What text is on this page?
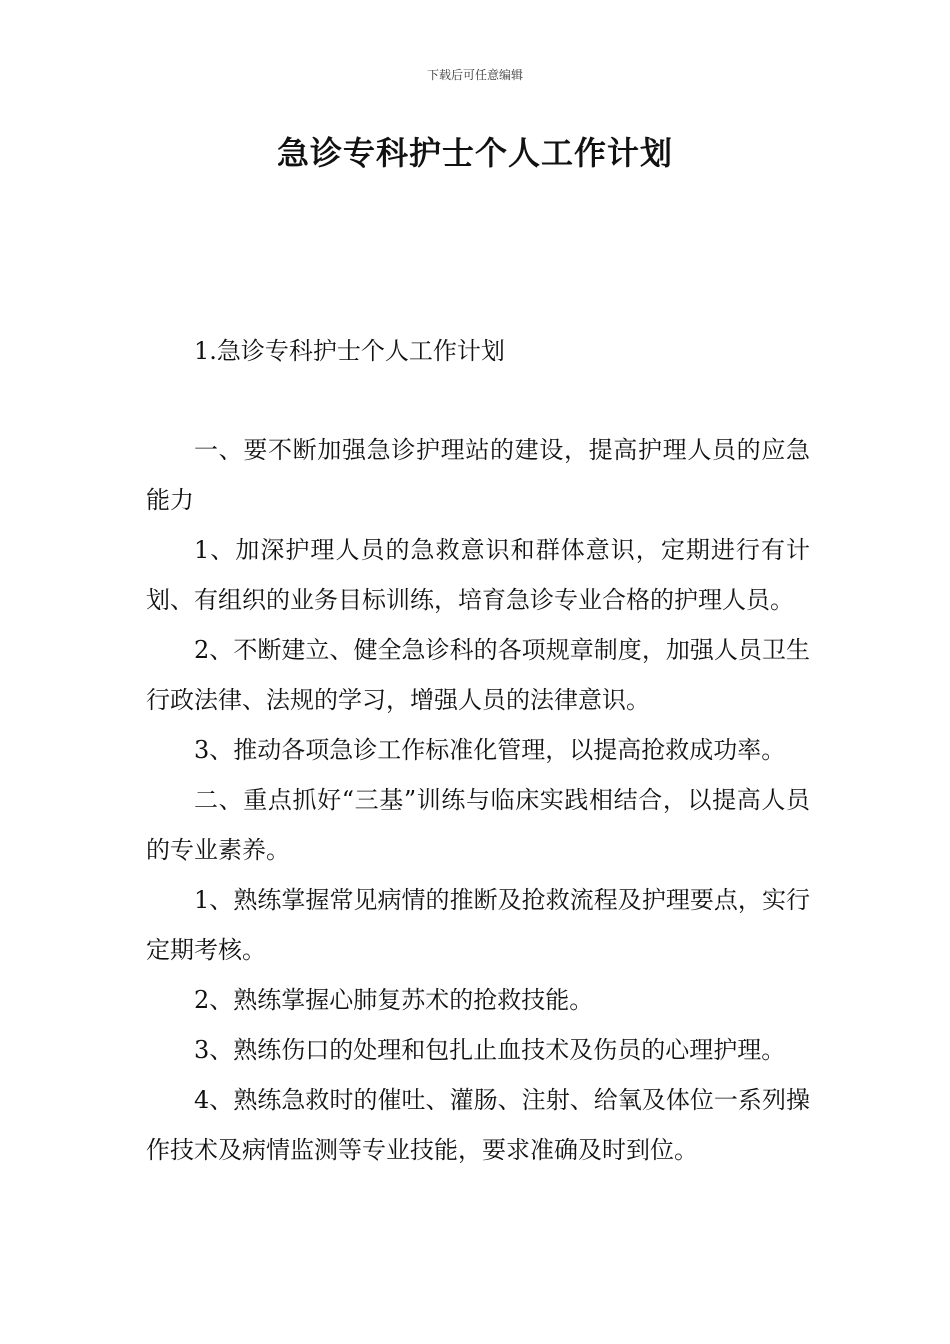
下载后可任意编辑
急诊专科护士个人工作计划
1.急诊专科护士个人工作计划

一、要不断加强急诊护理站的建设，提高护理人员的应急能力

1、加深护理人员的急救意识和群体意识，定期进行有计划、有组织的业务目标训练，培育急诊专业合格的护理人员。

2、不断建立、健全急诊科的各项规章制度，加强人员卫生行政法律、法规的学习，增强人员的法律意识。

3、推动各项急诊工作标准化管理，以提高抢救成功率。

二、重点抓好“三基”训练与临床实践相结合，以提高人员的专业素养。

1、熟练掌握常见病情的推断及抢救流程及护理要点，实行定期考核。

2、熟练掌握心肺复苏术的抢救技能。

3、熟练伤口的处理和包扎止血技术及伤员的心理护理。

4、熟练急救时的催吐、灌肠、注射、给氧及体位一系列操作技术及病情监测等专业技能，要求准确及时到位。
